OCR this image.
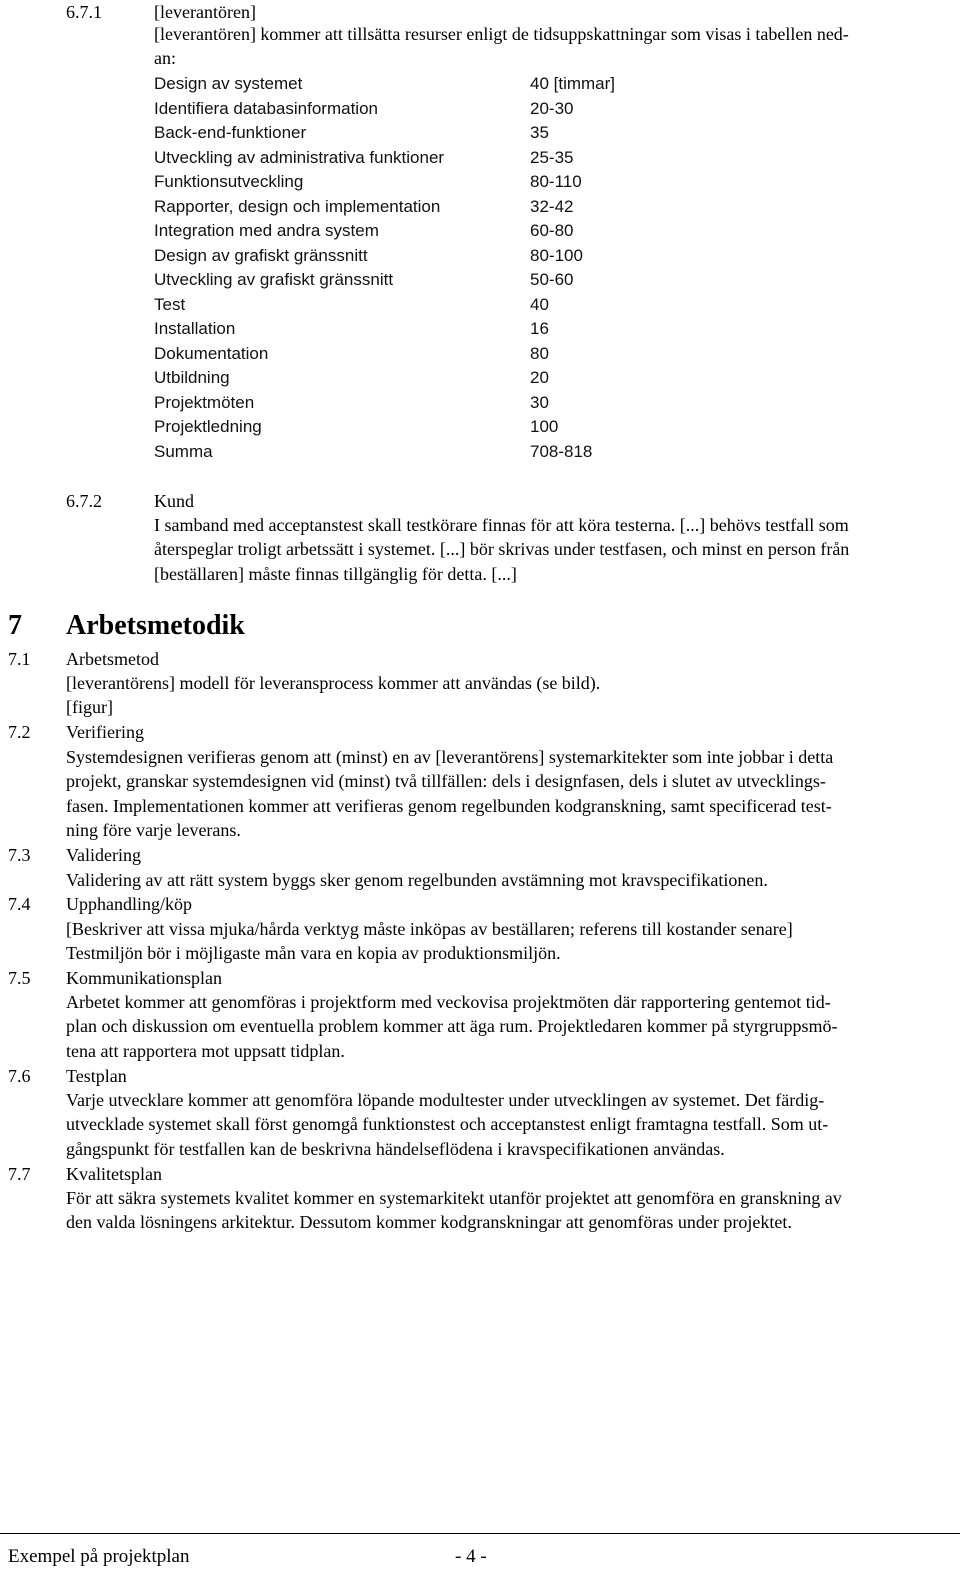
6.7.1	[leverantören]
[leverantören] kommer att tillsätta resurser enligt de tidsuppskattningar som visas i tabellen ned-
an:
Design av systemet	40 [timmar]
Identifiera databasinformation	20-30
Back-end-funktioner	35
Utveckling av administrativa funktioner	25-35
Funktionsutveckling	80-110
Rapporter, design och implementation	32-42
Integration med andra system	60-80
Design av grafiskt gränssnitt	80-100
Utveckling av grafiskt gränssnitt	50-60
Test	40
Installation	16
Dokumentation	80
Utbildning	20
Projektmöten	30
Projektledning	100
Summa	708-818
6.7.2	Kund
I samband med acceptanstest skall testkörare finnas för att köra testerna. [...] behövs testfall som
återspeglar troligt arbetssätt i systemet. [...] bör skrivas under testfasen, och minst en person från
[beställaren] måste finnas tillgänglig för detta. [...]
7 Arbetsmetodik
7.1 Arbetsmetod
[leverantörens] modell för leveransprocess kommer att användas (se bild).
[figur]
7.2 Verifiering
Systemdesignen verifieras genom att (minst) en av [leverantörens] systemarkitekter som inte jobbar i detta
projekt, granskar systemdesignen vid (minst) två tillfällen: dels i designfasen, dels i slutet av utvecklings-
fasen. Implementationen kommer att verifieras genom regelbunden kodgranskning, samt specificerad test-
ning före varje leverans.
7.3 Validering
Validering av att rätt system byggs sker genom regelbunden avstämning mot kravspecifikationen.
7.4 Upphandling/köp
[Beskriver att vissa mjuka/hårda verktyg måste inköpas av beställaren; referens till kostander senare]
Testmiljön bör i möjligaste mån vara en kopia av produktionsmiljön.
7.5 Kommunikationsplan
Arbetet kommer att genomföras i projektform med veckovisa projektmöten där rapportering gentemot tid-
plan och diskussion om eventuella problem kommer att äga rum. Projektledaren kommer på styrgruppsmö-
tena att rapportera mot uppsatt tidplan.
7.6 Testplan
Varje utvecklare kommer att genomföra löpande modultester under utvecklingen av systemet. Det färdig-
utvecklade systemet skall först genomgå funktionstest och acceptanstest enligt framtagna testfall. Som ut-
gångspunkt för testfallen kan de beskrivna händelseflödena i kravspecifikationen användas.
7.7 Kvalitetsplan
För att säkra systemets kvalitet kommer en systemarkitekt utanför projektet att genomföra en granskning av
den valda lösningens arkitektur. Dessutom kommer kodgranskningar att genomföras under projektet.
Exempel på projektplan	- 4 -
